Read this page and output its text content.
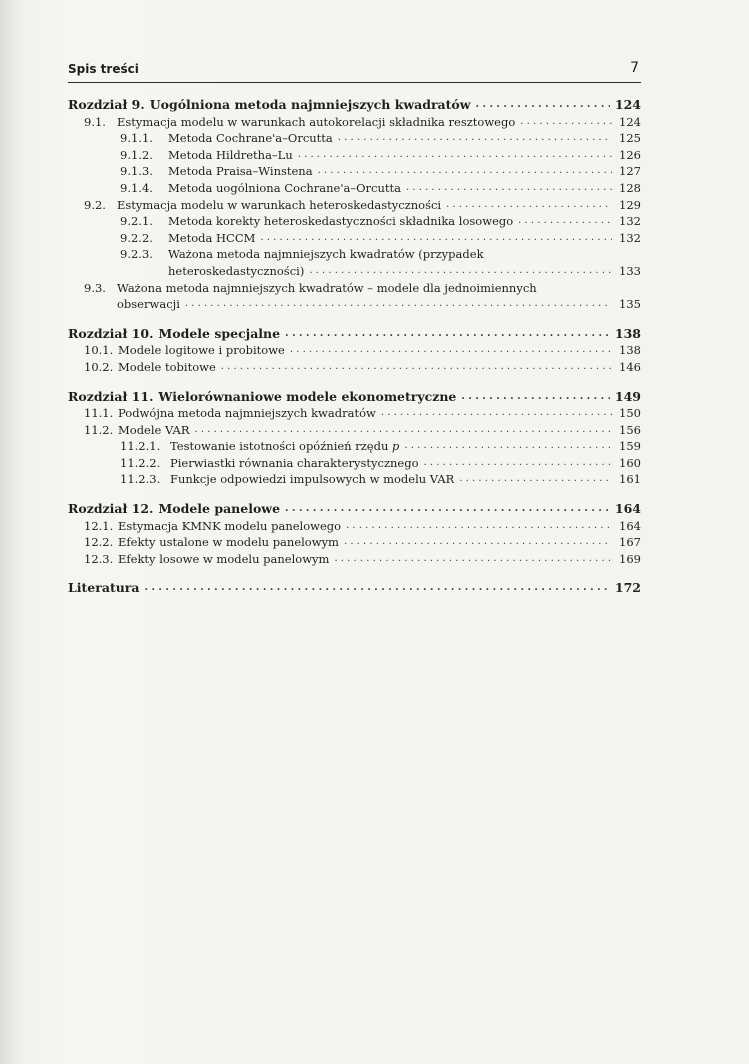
Spis treści	7
Rozdział 9. Uogólniona metoda najmniejszych kwadratów . . .	124
9.1. Estymacja modelu w warunkach autokorelacji składnika resztowego . . .	124
9.1.1.	Metoda Cochrane'a–Orcutta . . .	125
9.1.2.	Metoda Hildretha–Lu . . .	126
9.1.3.	Metoda Praisa–Winstena . . .	127
9.1.4.	Metoda uogólniona Cochrane'a–Orcutta . . .	128
9.2. Estymacja modelu w warunkach heteroskedastyczności . . .	129
9.2.1.	Metoda korekty heteroskedastyczności składnika losowego . . .	132
9.2.2.	Metoda HCCM . . .	132
9.2.3.	Ważona metoda najmniejszych kwadratów (przypadek
heteroskedastyczności) . . .	133
9.3. Ważona metoda najmniejszych kwadratów – modele dla jednoimiennych
obserwacji . . .	135
Rozdział 10. Modele specjalne . . .	138
10.1. Modele logitowe i probitowe . . .	138
10.2. Modele tobitowe . . .	146
Rozdział 11. Wielorównaniowe modele ekonometryczne . . .	149
11.1. Podwójna metoda najmniejszych kwadratów . . .	150
11.2. Modele VAR . . .	156
11.2.1. Testowanie istotności opóźnień rzędu p . . .	159
11.2.2. Pierwiastki równania charakterystycznego . . .	160
11.2.3. Funkcje odpowiedzi impulsowych w modelu VAR . . .	161
Rozdział 12. Modele panelowe . . .	164
12.1. Estymacja KMNK modelu panelowego . . .	164
12.2. Efekty ustalone w modelu panelowym . . .	167
12.3. Efekty losowe w modelu panelowym . . .	169
Literatura . . .	172
